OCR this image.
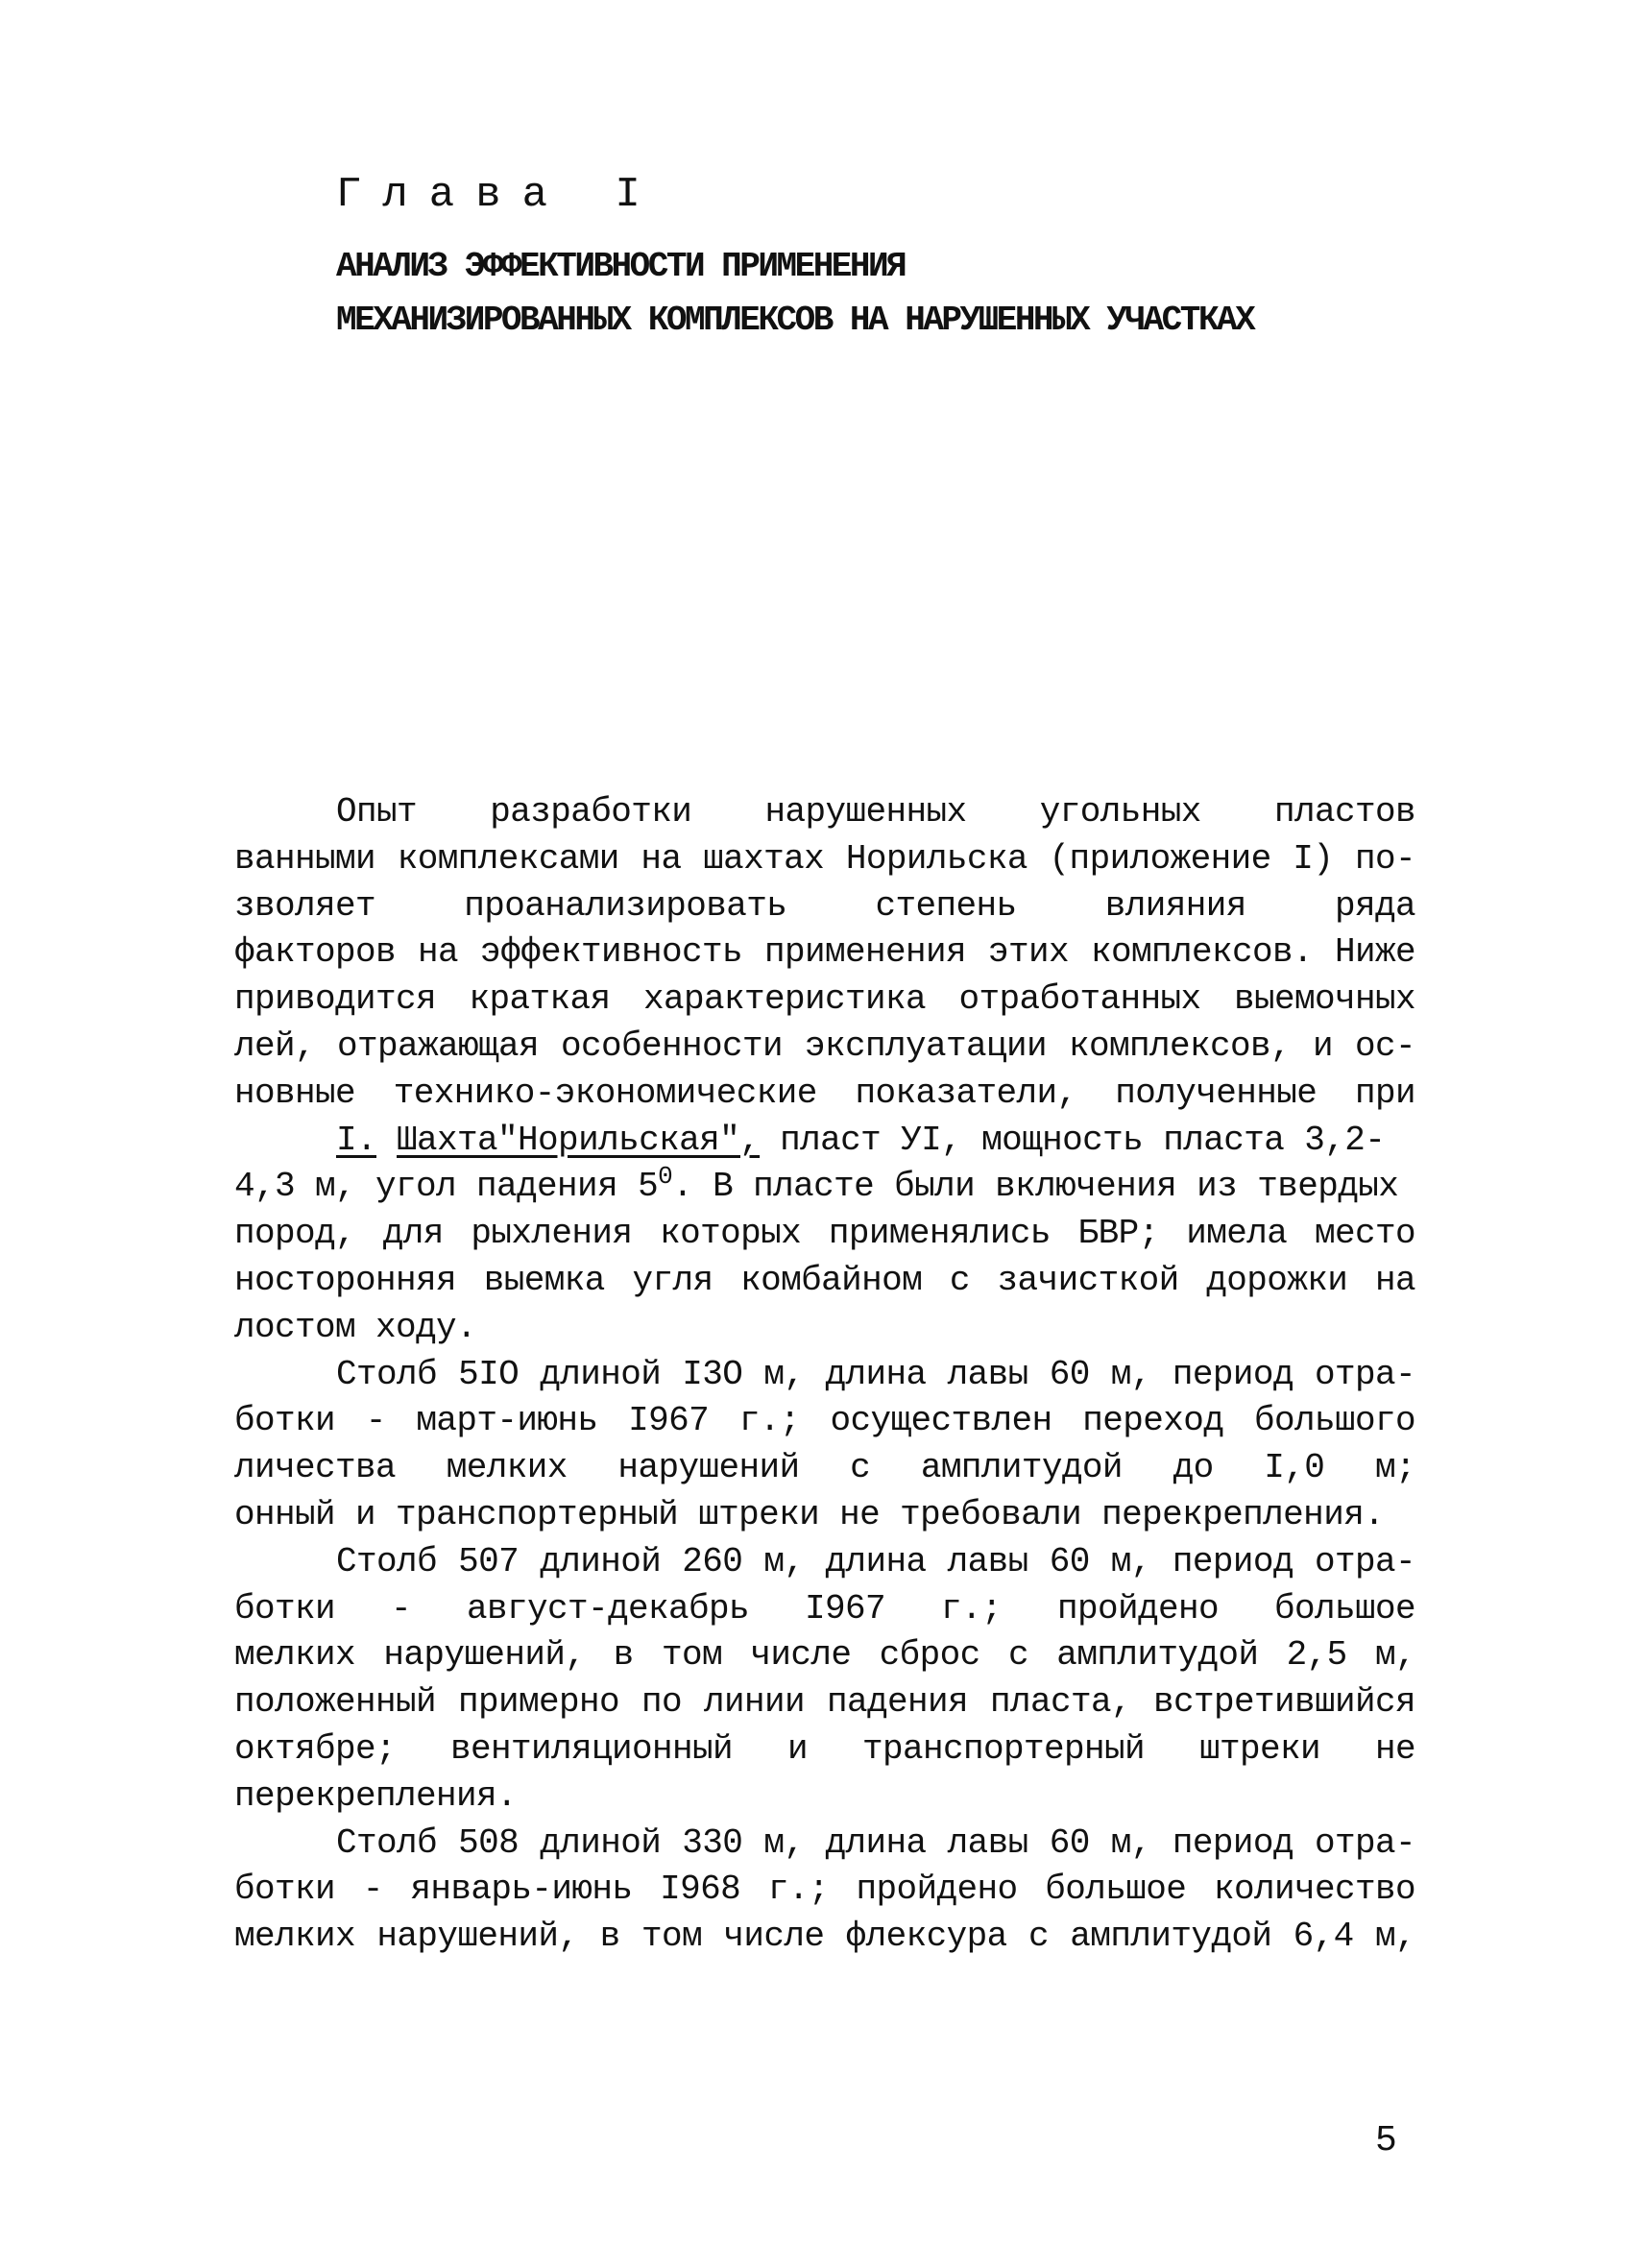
Глава I
АНАЛИЗ ЭФФЕКТИВНОСТИ ПРИМЕНЕНИЯ
МЕХАНИЗИРОВАННЫХ КОМПЛЕКСОВ НА НАРУШЕННЫХ УЧАСТКАХ
Опыт разработки нарушенных угольных пластов
ванными комплексами на шахтах Норильска (приложение I) по-
зволяет проанализировать степень влияния ряда
факторов на эффективность применения этих комплексов. Ниже
приводится краткая характеристика отработанных выемочных
лей, отражающая особенности эксплуатации комплексов, и ос-
новные технико-экономические показатели, полученные при
I. Шахта"Норильская", пласт УI, мощность пласта 3,2-
4,3 м, угол падения $5^0$. В пласте были включения из твердых
пород, для рыхления которых применялись БВР; имела место
носторонняя выемка угля комбайном с зачисткой дорожки на
лостом ходу.
Столб 5IO длиной I3O м, длина лавы 60 м, период отра-
ботки - март-июнь I967 г.; осуществлен переход большого
личества мелких нарушений с амплитудой до I,0 м;
онный и транспортерный штреки не требовали перекрепления.
Столб 507 длиной 260 м, длина лавы 60 м, период отра-
ботки - август-декабрь I967 г.; пройдено большое
мелких нарушений, в том числе сброс с амплитудой 2,5 м,
положенный примерно по линии падения пласта, встретившийся
октябре; вентиляционный и транспортерный штреки не
перекрепления.
Столб 508 длиной 330 м, длина лавы 60 м, период отра-
ботки - январь-июнь I968 г.; пройдено большое количество
мелких нарушений, в том числе флексура с амплитудой 6,4 м,
5
